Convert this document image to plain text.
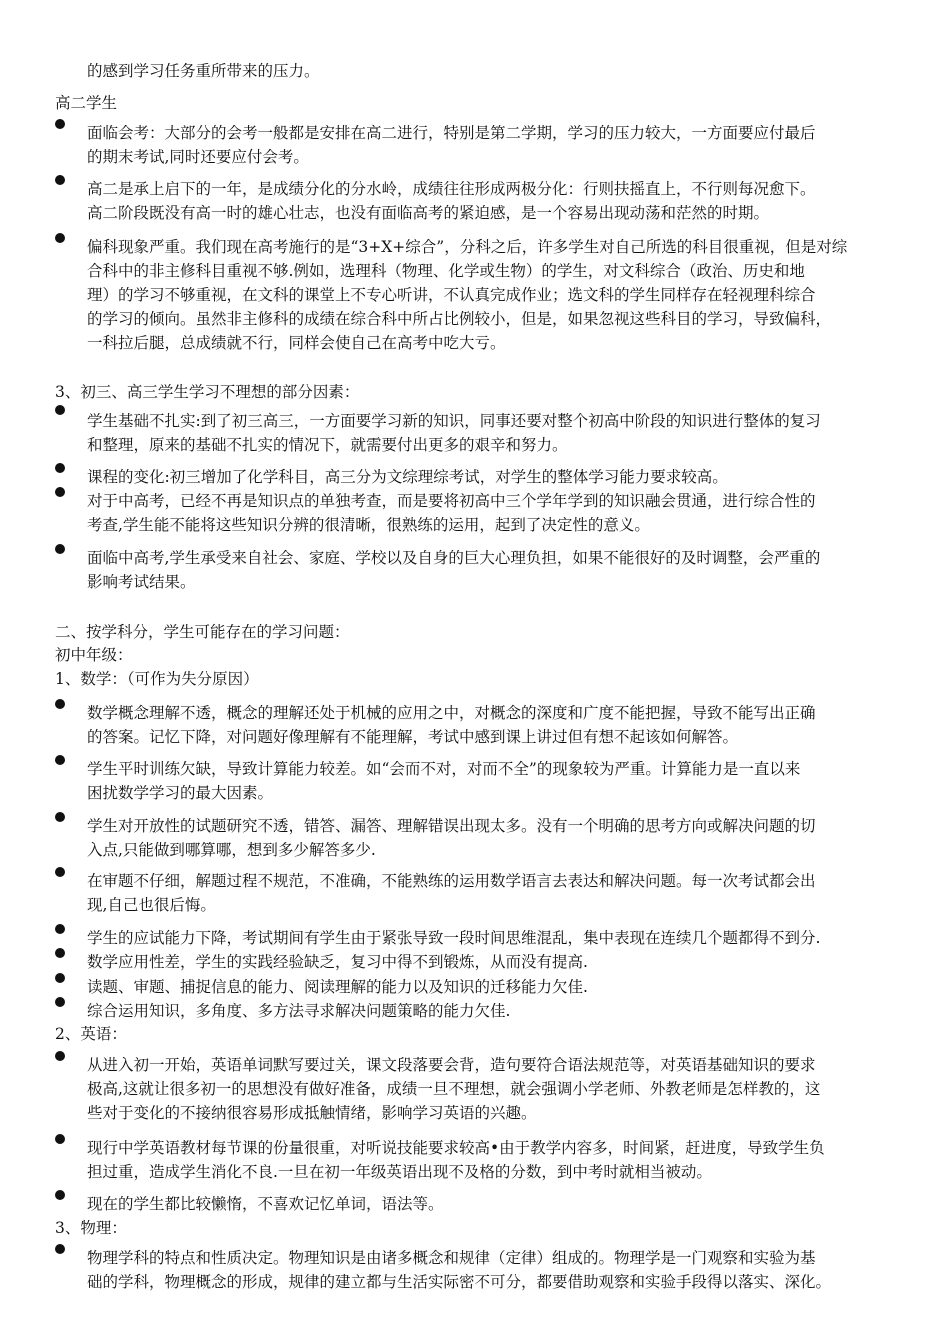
的感到学习任务重所带来的压力。
高二学生
面临会考：大部分的会考一般都是安排在高二进行，特别是第二学期，学习的压力较大，一方面要应付最后
的期末考试,同时还要应付会考。
高二是承上启下的一年，是成绩分化的分水岭，成绩往往形成两极分化：行则扶摇直上，不行则每况愈下。
高二阶段既没有高一时的雄心壮志，也没有面临高考的紧迫感，是一个容易出现动荡和茫然的时期。
偏科现象严重。我们现在高考施行的是“3+X+综合”，分科之后，许多学生对自己所选的科目很重视，但是对综
合科中的非主修科目重视不够.例如，选理科（物理、化学或生物）的学生，对文科综合（政治、历史和地
理）的学习不够重视，在文科的课堂上不专心听讲，不认真完成作业；选文科的学生同样存在轻视理科综合
的学习的倾向。虽然非主修科的成绩在综合科中所占比例较小，但是，如果忽视这些科目的学习，导致偏科，
一科拉后腿，总成绩就不行，同样会使自己在高考中吃大亏。
3、初三、高三学生学习不理想的部分因素：
学生基础不扎实:到了初三高三，一方面要学习新的知识，同事还要对整个初高中阶段的知识进行整体的复习
和整理，原来的基础不扎实的情况下，就需要付出更多的艰辛和努力。
课程的变化:初三增加了化学科目，高三分为文综理综考试，对学生的整体学习能力要求较高。
对于中高考，已经不再是知识点的单独考查，而是要将初高中三个学年学到的知识融会贯通，进行综合性的
考查,学生能不能将这些知识分辨的很清晰，很熟练的运用，起到了决定性的意义。
面临中高考,学生承受来自社会、家庭、学校以及自身的巨大心理负担，如果不能很好的及时调整，会严重的
影响考试结果。
二、按学科分，学生可能存在的学习问题：
初中年级：
1、数学：（可作为失分原因）
数学概念理解不透，概念的理解还处于机械的应用之中，对概念的深度和广度不能把握，导致不能写出正确
的答案。记忆下降，对问题好像理解有不能理解，考试中感到课上讲过但有想不起该如何解答。
学生平时训练欠缺，导致计算能力较差。如“会而不对，对而不全”的现象较为严重。计算能力是一直以来
困扰数学学习的最大因素。
学生对开放性的试题研究不透，错答、漏答、理解错误出现太多。没有一个明确的思考方向或解决问题的切
入点,只能做到哪算哪，想到多少解答多少.
在审题不仔细，解题过程不规范，不准确，不能熟练的运用数学语言去表达和解决问题。每一次考试都会出
现,自己也很后悔。
学生的应试能力下降，考试期间有学生由于紧张导致一段时间思维混乱，集中表现在连续几个题都得不到分.
数学应用性差，学生的实践经验缺乏，复习中得不到锻炼，从而没有提高.
读题、审题、捕捉信息的能力、阅读理解的能力以及知识的迁移能力欠佳.
综合运用知识，多角度、多方法寻求解决问题策略的能力欠佳.
2、英语：
从进入初一开始，英语单词默写要过关，课文段落要会背，造句要符合语法规范等，对英语基础知识的要求
极高,这就让很多初一的思想没有做好准备，成绩一旦不理想，就会强调小学老师、外教老师是怎样教的，这
些对于变化的不接纳很容易形成抵触情绪，影响学习英语的兴趣。
现行中学英语教材每节课的份量很重，对听说技能要求较高•由于教学内容多，时间紧，赶进度，导致学生负
担过重，造成学生消化不良.一旦在初一年级英语出现不及格的分数，到中考时就相当被动。
现在的学生都比较懒惰，不喜欢记忆单词，语法等。
3、物理：
物理学科的特点和性质决定。物理知识是由诸多概念和规律（定律）组成的。物理学是一门观察和实验为基
础的学科，物理概念的形成，规律的建立都与生活实际密不可分，都要借助观察和实验手段得以落实、深化。
